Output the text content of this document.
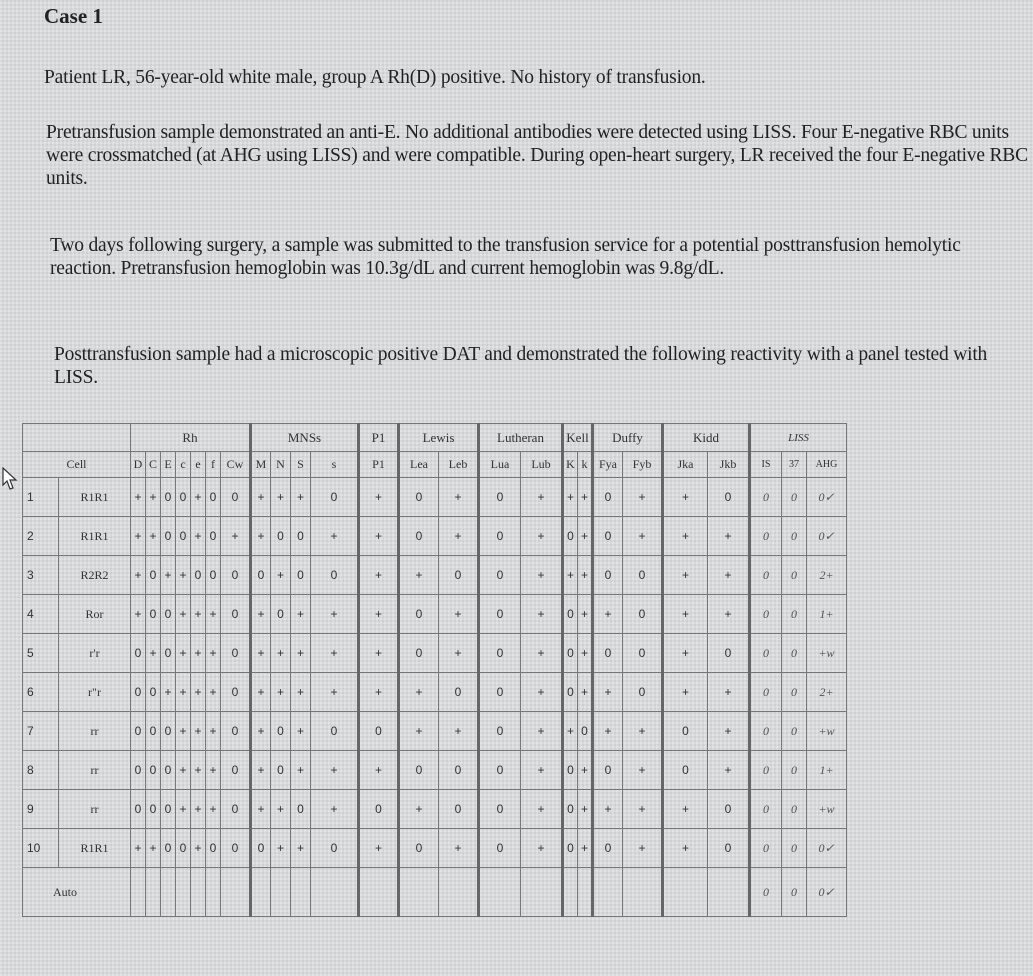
Case 1
Patient LR, 56-year-old white male, group A Rh(D) positive. No history of transfusion.
Pretransfusion sample demonstrated an anti-E. No additional antibodies were detected using LISS. Four E-negative RBC units were crossmatched (at AHG using LISS) and were compatible. During open-heart surgery, LR received the four E-negative RBC units.
Two days following surgery, a sample was submitted to the transfusion service for a potential posttransfusion hemolytic reaction. Pretransfusion hemoglobin was 10.3g/dL and current hemoglobin was 9.8g/dL.
Posttransfusion sample had a microscopic positive DAT and demonstrated the following reactivity with a panel tested with LISS.
		Rh							MNSs				P1	Lewis		Lutheran		Kell		Duffy		Kidd		LISS		
Cell		D	C	E	c	e	f	Cw	M	N	S	s	P1	Lea	Leb	Lua	Lub	K	k	Fya	Fyb	Jka	Jkb	IS	37	AHG
1	R1R1	+	+	0	0	+	0	0	+	+	+	0	+	0	+	0	+	+	+	0	+	+	0	0	0	0✓
2	R1R1	+	+	0	0	+	0	+	+	0	0	+	+	0	+	0	+	0	+	0	+	+	+	0	0	0✓
3	R2R2	+	0	+	+	0	0	0	0	+	0	0	+	+	0	0	+	+	+	0	0	+	+	0	0	2+
4	Ror	+	0	0	+	+	+	0	+	0	+	+	+	0	+	0	+	0	+	+	0	+	+	0	0	1+
5	r'r	0	+	0	+	+	+	0	+	+	+	+	+	0	+	0	+	0	+	0	0	+	0	0	0	+w
6	r"r	0	0	+	+	+	+	0	+	+	+	+	+	+	0	0	+	0	+	+	0	+	+	0	0	2+
7	rr	0	0	0	+	+	+	0	+	0	+	0	0	+	+	0	+	+	0	+	+	0	+	0	0	+w
8	rr	0	0	0	+	+	+	0	+	0	+	+	+	0	0	0	+	0	+	0	+	0	+	0	0	1+
9	rr	0	0	0	+	+	+	0	+	+	0	+	0	+	0	0	+	0	+	+	+	+	0	0	0	+w
10	R1R1	+	+	0	0	+	0	0	0	+	+	0	+	0	+	0	+	0	+	0	+	+	0	0	0	0✓
Auto																								0	0	0✓
